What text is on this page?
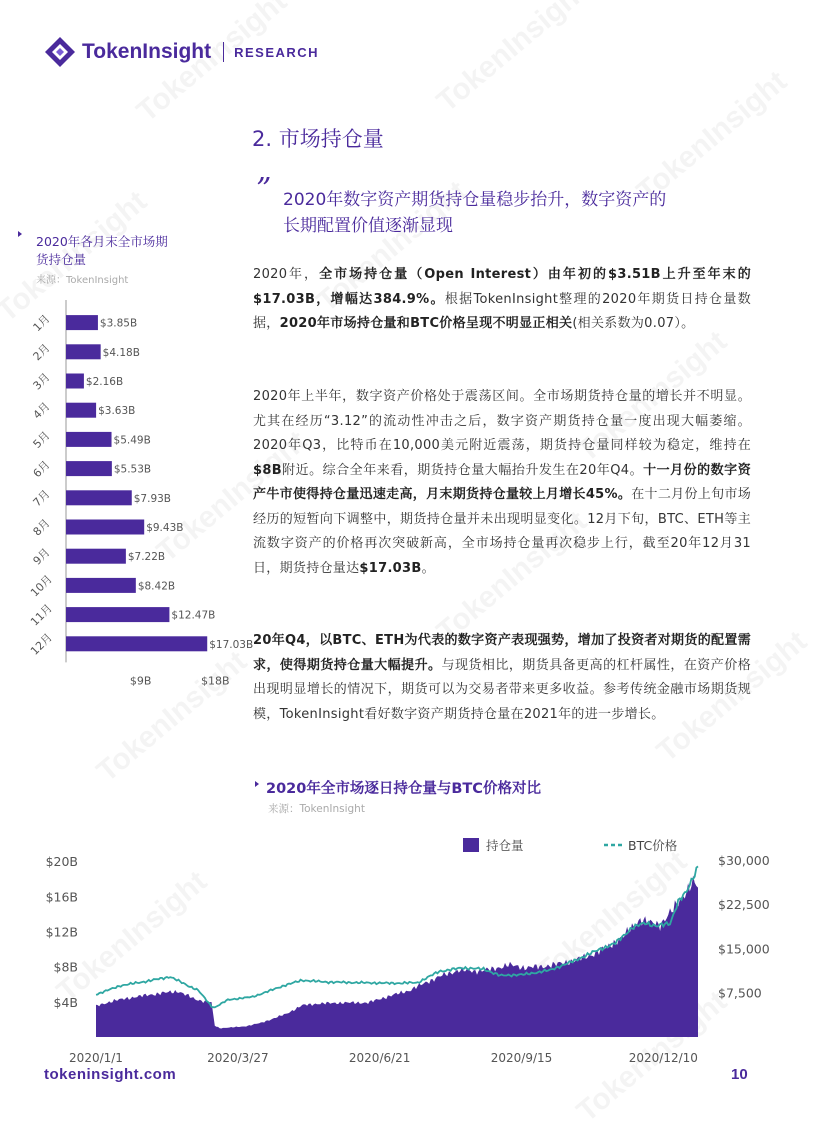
TokenInsight RESEARCH
2. 市场持仓量
” 2020年数字资产期货持仓量稳步抬升，数字资产的
长期配置价值逐渐显现
2020年各月末全市场期
货持仓量
来源：TokenInsight
$3.85B
1月
$4.18B
2月
$2.16B
3月
$3.63B
4月
$5.49B
5月
$5.53B
6月
$7.93B
7月
$9.43B
8月
$7.22B
9月
$8.42B
10月
$12.47B
11月
$17.03B
12月
$9B	$18B
2020年，全市场持仓量（Open Interest）由年初的$3.51B上升至年末的$17.03B，增幅达384.9%。根据TokenInsight整理的2020年期货日持仓量数据，2020年市场持仓量和BTC价格呈现不明显正相关(相关系数为0.07）。
2020年上半年，数字资产价格处于震荡区间。全市场期货持仓量的增长并不明显。尤其在经历“3.12”的流动性冲击之后，数字资产期货持仓量一度出现大幅萎缩。2020年Q3，比特币在10,000美元附近震荡，期货持仓量同样较为稳定，维持在$8B附近。综合全年来看，期货持仓量大幅抬升发生在20年Q4。十一月份的数字资产牛市使得持仓量迅速走高，月末期货持仓量较上月增长45%。在十二月份上旬市场经历的短暂向下调整中，期货持仓量并未出现明显变化。12月下旬，BTC、ETH等主流数字资产的价格再次突破新高，全市场持仓量再次稳步上行，截至20年12月31日，期货持仓量达$17.03B。
20年Q4，以BTC、ETH为代表的数字资产表现强势，增加了投资者对期货的配置需求，使得期货持仓量大幅提升。与现货相比，期货具备更高的杠杆属性，在资产价格出现明显增长的情况下，期货可以为交易者带来更多收益。参考传统金融市场期货规模，TokenInsight看好数字资产期货持仓量在2021年的进一步增长。
2020年全市场逐日持仓量与BTC价格对比
来源：TokenInsight
$4B
$8B
$12B
$16B
$20B
$7,500
$15,000
$22,500
$30,000
2020/1/1	2020/3/27	2020/6/21	2020/9/15	2020/12/10
持仓量	BTC价格
tokeninsight.com	10
